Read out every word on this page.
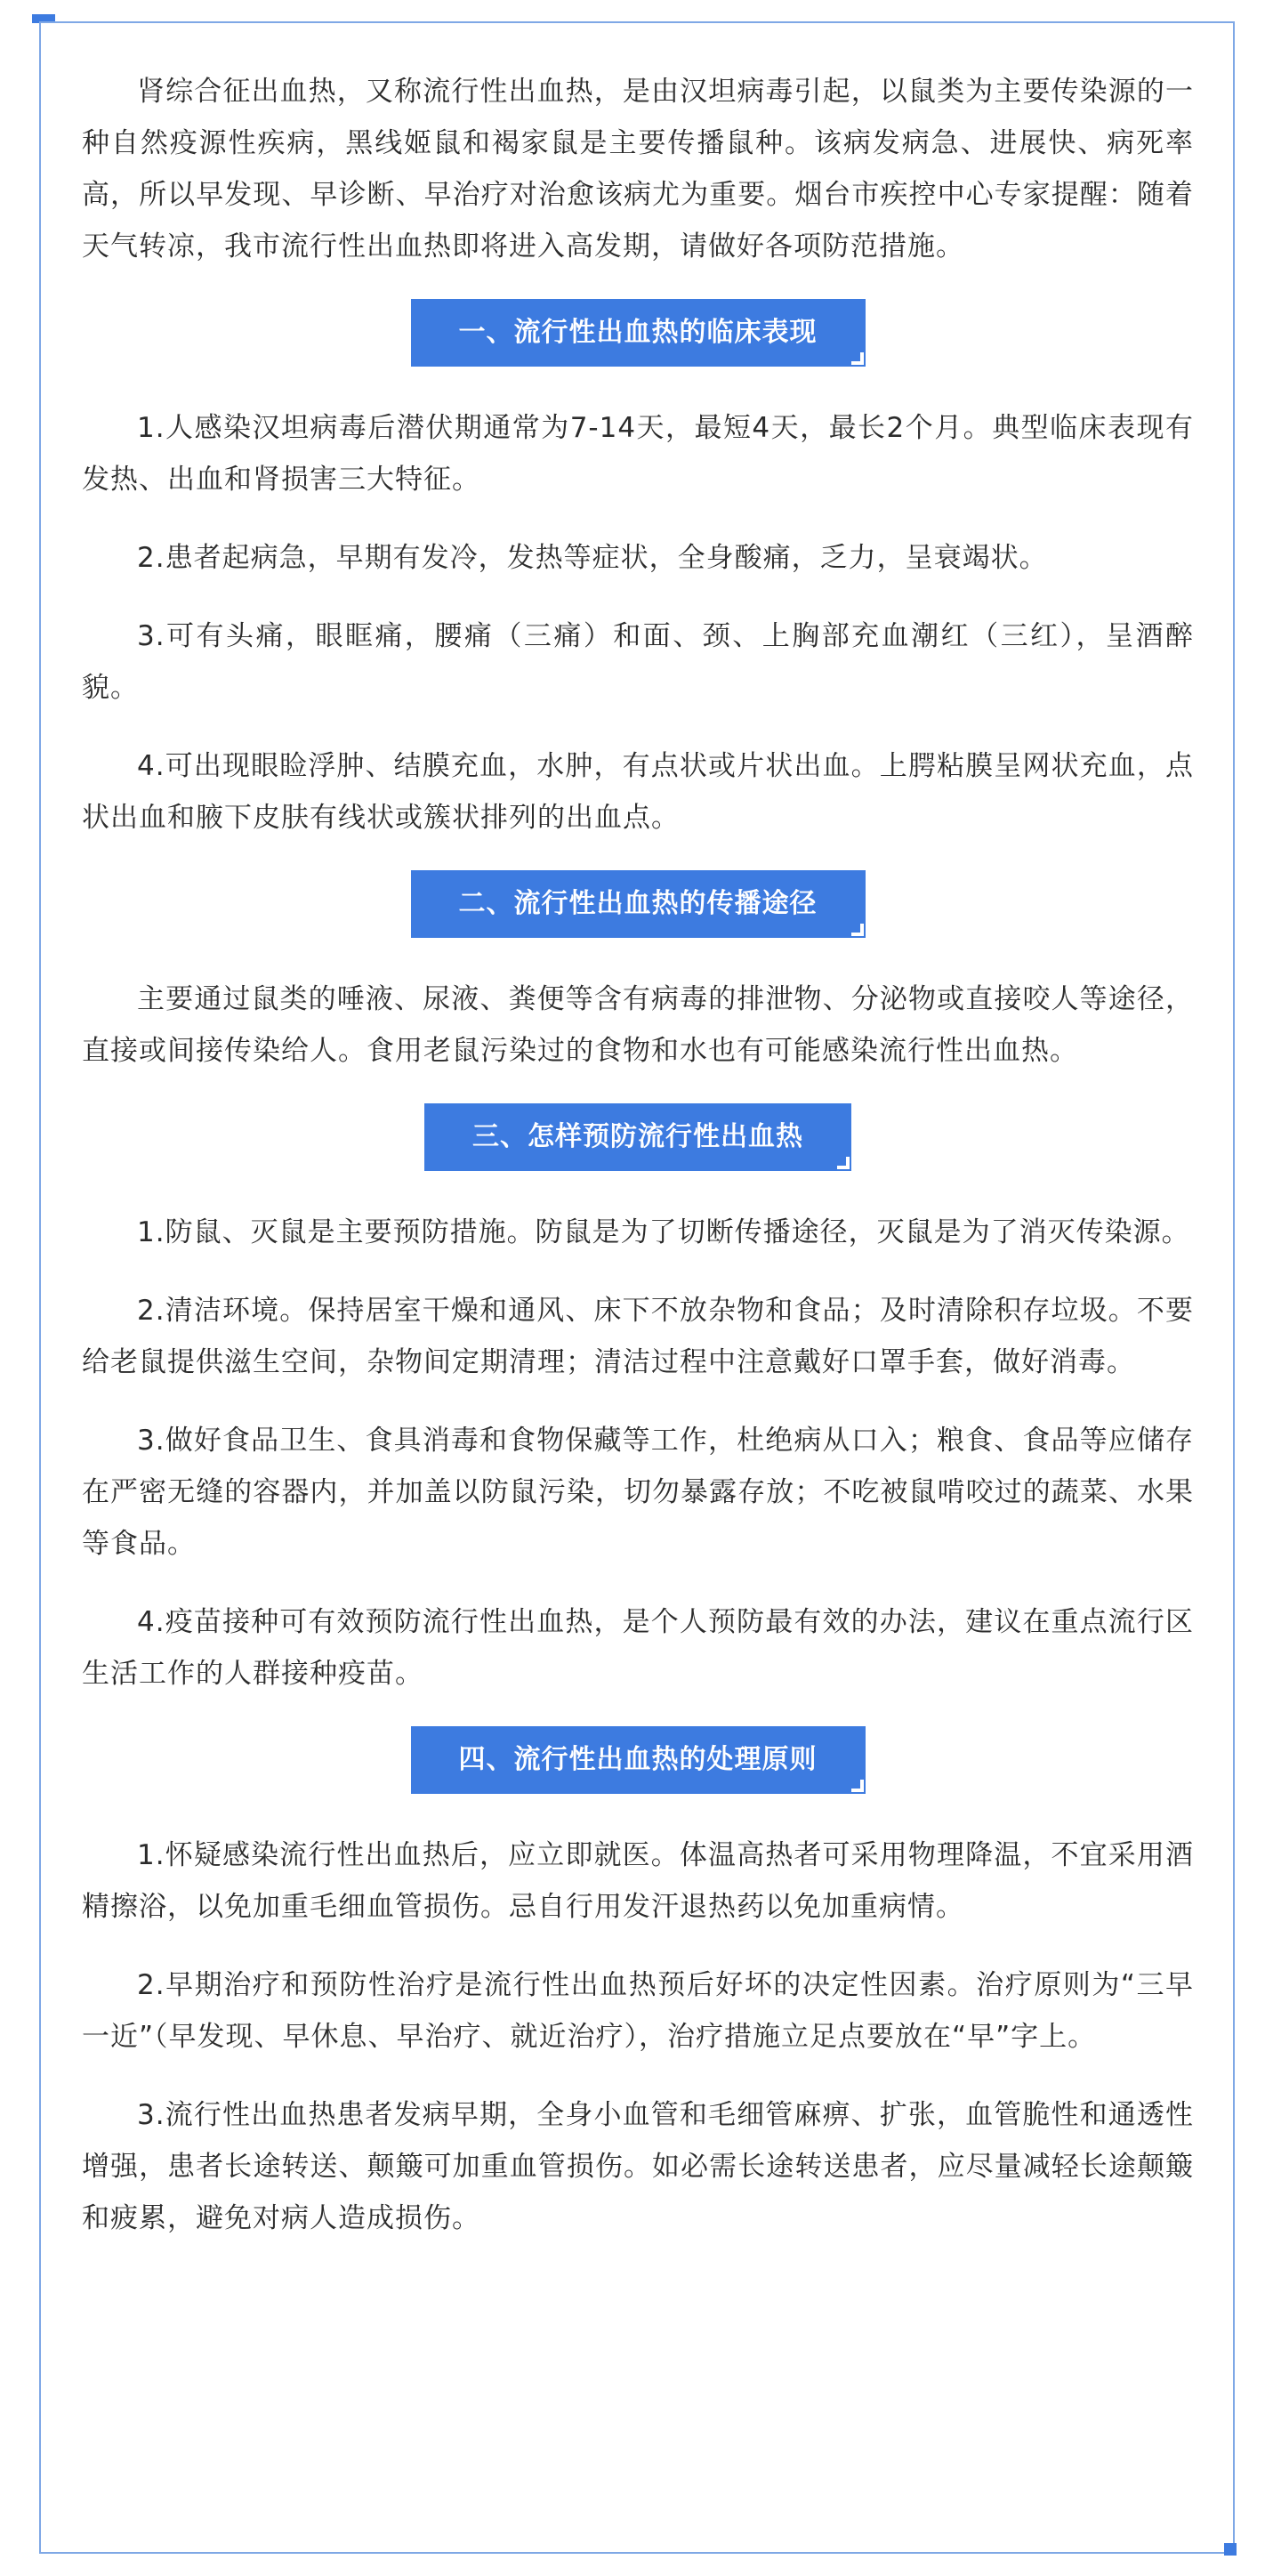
肾综合征出血热，又称流行性出血热，是由汉坦病毒引起，以鼠类为主要传染源的一种自然疫源性疾病，黑线姬鼠和褐家鼠是主要传播鼠种。该病发病急、进展快、病死率高，所以早发现、早诊断、早治疗对治愈该病尤为重要。烟台市疾控中心专家提醒：随着天气转凉，我市流行性出血热即将进入高发期，请做好各项防范措施。

一、流行性出血热的临床表现

1.人感染汉坦病毒后潜伏期通常为7-14天，最短4天，最长2个月。典型临床表现有发热、出血和肾损害三大特征。

2.患者起病急，早期有发冷，发热等症状，全身酸痛，乏力，呈衰竭状。

3.可有头痛，眼眶痛，腰痛（三痛）和面、颈、上胸部充血潮红（三红），呈酒醉貌。

4.可出现眼睑浮肿、结膜充血，水肿，有点状或片状出血。上腭粘膜呈网状充血，点状出血和腋下皮肤有线状或簇状排列的出血点。

二、流行性出血热的传播途径

主要通过鼠类的唾液、尿液、粪便等含有病毒的排泄物、分泌物或直接咬人等途径，直接或间接传染给人。食用老鼠污染过的食物和水也有可能感染流行性出血热。

三、怎样预防流行性出血热

1.防鼠、灭鼠是主要预防措施。防鼠是为了切断传播途径，灭鼠是为了消灭传染源。

2.清洁环境。保持居室干燥和通风、床下不放杂物和食品；及时清除积存垃圾。不要给老鼠提供滋生空间，杂物间定期清理；清洁过程中注意戴好口罩手套，做好消毒。

3.做好食品卫生、食具消毒和食物保藏等工作，杜绝病从口入；粮食、食品等应储存在严密无缝的容器内，并加盖以防鼠污染，切勿暴露存放；不吃被鼠啃咬过的蔬菜、水果等食品。

4.疫苗接种可有效预防流行性出血热，是个人预防最有效的办法，建议在重点流行区生活工作的人群接种疫苗。

四、流行性出血热的处理原则

1.怀疑感染流行性出血热后，应立即就医。体温高热者可采用物理降温，不宜采用酒精擦浴，以免加重毛细血管损伤。忌自行用发汗退热药以免加重病情。

2.早期治疗和预防性治疗是流行性出血热预后好坏的决定性因素。治疗原则为“三早一近”（早发现、早休息、早治疗、就近治疗），治疗措施立足点要放在“早”字上。

3.流行性出血热患者发病早期，全身小血管和毛细管麻痹、扩张，血管脆性和通透性增强，患者长途转送、颠簸可加重血管损伤。如必需长途转送患者，应尽量减轻长途颠簸和疲累，避免对病人造成损伤。
